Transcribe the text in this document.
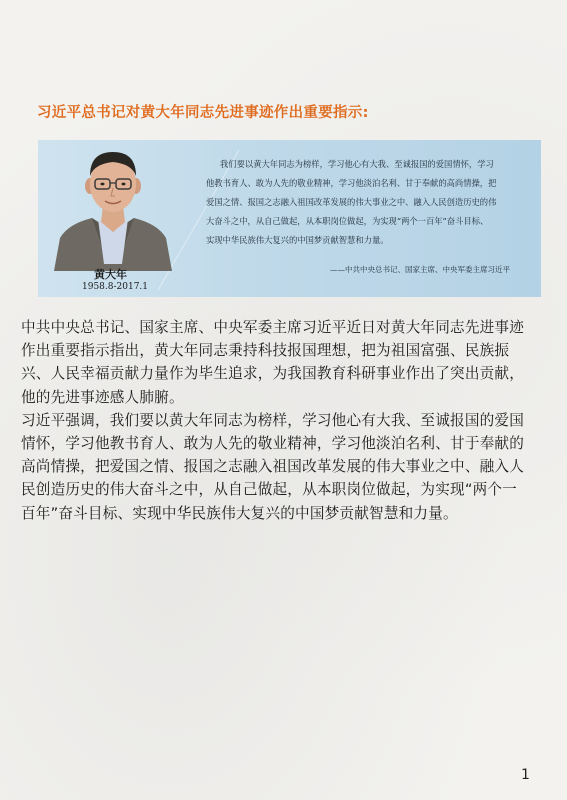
习近平总书记对黄大年同志先进事迹作出重要指示:
黄大年
1958.8-2017.1
我们要以黄大年同志为榜样，学习他心有大我、至诚报国的爱国情怀，学习
他教书育人、敢为人先的敬业精神，学习他淡泊名利、甘于奉献的高尚情操，把
爱国之情、报国之志融入祖国改革发展的伟大事业之中、融入人民创造历史的伟
大奋斗之中，从自己做起，从本职岗位做起，为实现“两个一百年”奋斗目标、
实现中华民族伟大复兴的中国梦贡献智慧和力量。
——中共中央总书记、国家主席、中央军委主席习近平
中共中央总书记、国家主席、中央军委主席习近平近日对黄大年同志先进事迹
作出重要指示指出，黄大年同志秉持科技报国理想，把为祖国富强、民族振
兴、人民幸福贡献力量作为毕生追求，为我国教育科研事业作出了突出贡献，
他的先进事迹感人肺腑。
习近平强调，我们要以黄大年同志为榜样，学习他心有大我、至诚报国的爱国
情怀，学习他教书育人、敢为人先的敬业精神，学习他淡泊名利、甘于奉献的
高尚情操，把爱国之情、报国之志融入祖国改革发展的伟大事业之中、融入人
民创造历史的伟大奋斗之中，从自己做起，从本职岗位做起，为实现“两个一
百年”奋斗目标、实现中华民族伟大复兴的中国梦贡献智慧和力量。
1
